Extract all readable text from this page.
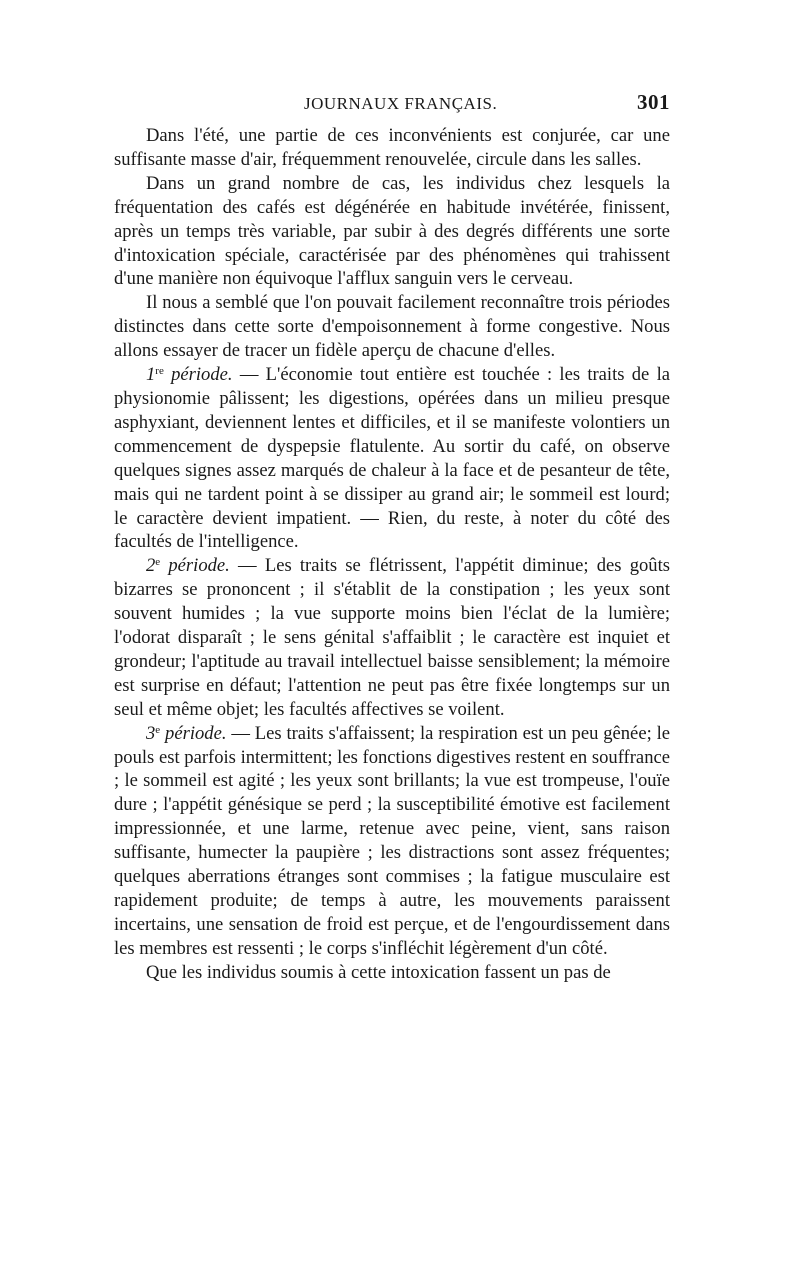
JOURNAUX FRANÇAIS.	301

Dans l'été, une partie de ces inconvénients est conjurée, car une suffisante masse d'air, fréquemment renouvelée, circule dans les salles.

Dans un grand nombre de cas, les individus chez lesquels la fréquentation des cafés est dégénérée en habitude invétérée, finissent, après un temps très variable, par subir à des degrés différents une sorte d'intoxication spéciale, caractérisée par des phénomènes qui trahissent d'une manière non équivoque l'afflux sanguin vers le cerveau.

Il nous a semblé que l'on pouvait facilement reconnaître trois périodes distinctes dans cette sorte d'empoisonnement à forme congestive. Nous allons essayer de tracer un fidèle aperçu de chacune d'elles.

1re période. — L'économie tout entière est touchée : les traits de la physionomie pâlissent; les digestions, opérées dans un milieu presque asphyxiant, deviennent lentes et difficiles, et il se manifeste volontiers un commencement de dyspepsie flatulente. Au sortir du café, on observe quelques signes assez marqués de chaleur à la face et de pesanteur de tête, mais qui ne tardent point à se dissiper au grand air; le sommeil est lourd; le caractère devient impatient. — Rien, du reste, à noter du côté des facultés de l'intelligence.

2e période. — Les traits se flétrissent, l'appétit diminue; des goûts bizarres se prononcent ; il s'établit de la constipation ; les yeux sont souvent humides ; la vue supporte moins bien l'éclat de la lumière; l'odorat disparaît ; le sens génital s'affaiblit ; le caractère est inquiet et grondeur; l'aptitude au travail intellectuel baisse sensiblement; la mémoire est surprise en défaut; l'attention ne peut pas être fixée longtemps sur un seul et même objet; les facultés affectives se voilent.

3e période. — Les traits s'affaissent; la respiration est un peu gênée; le pouls est parfois intermittent; les fonctions digestives restent en souffrance ; le sommeil est agité ; les yeux sont brillants; la vue est trompeuse, l'ouïe dure ; l'appétit génésique se perd ; la susceptibilité émotive est facilement impressionnée, et une larme, retenue avec peine, vient, sans raison suffisante, humecter la paupière ; les distractions sont assez fréquentes; quelques aberrations étranges sont commises ; la fatigue musculaire est rapidement produite; de temps à autre, les mouvements paraissent incertains, une sensation de froid est perçue, et de l'engourdissement dans les membres est ressenti ; le corps s'infléchit légèrement d'un côté.

Que les individus soumis à cette intoxication fassent un pas de
